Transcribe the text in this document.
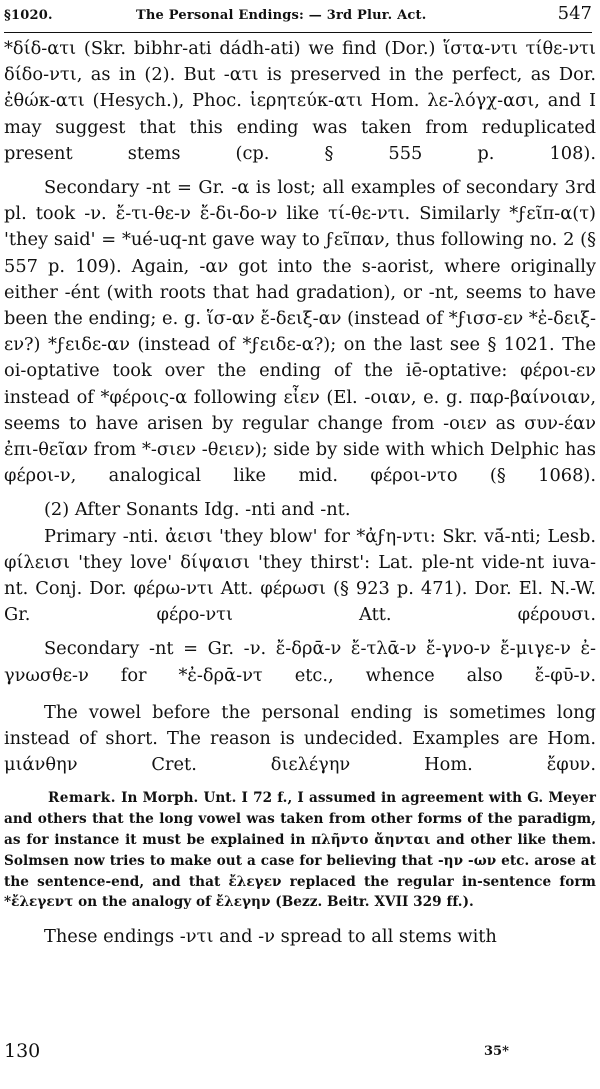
§1020.	The Personal Endings: — 3rd Plur. Act.	547

*δίδ-ατι (Skr. bibhr-ati dádh-ati) we find (Dor.) ἵστα-ντι τίθε-ντι δίδο-ντι, as in (2). But -ατι is preserved in the perfect, as Dor. ἐθώκ-ατι (Hesych.), Phoc. ἱερητεύκ-ατι Hom. λε-λόγχ-ασι, and I may suggest that this ending was taken from reduplicated present stems (cp. § 555 p. 108).

Secondary -nt = Gr. -α is lost; all examples of secondary 3rd pl. took -ν. ἔ-τι-θε-ν ἔ-δι-δο-ν like τί-θε-ντι. Similarly *ϝεῖπ-α(τ) 'they said' = *ué-uq-nt gave way to ϝεῖπαν, thus following no. 2 (§ 557 p. 109). Again, -αν got into the s-aorist, where originally either -ént (with roots that had gradation), or -nt, seems to have been the ending; e. g. ἵσ-αν ἔ-δειξ-αν (instead of *ϝισσ-εν *ἐ-δειξ-εν?) *ϝειδε-αν (instead of *ϝειδε-α?); on the last see § 1021. The oi-optative took over the ending of the iē-optative: φέροι-εν instead of *φέροις-α following εἶεν (El. -οιαν, e. g. παρ-βαίνοιαν, seems to have arisen by regular change from -οιεν as συν-έαν ἐπι-θεῖαν from *-σιεν -θειεν); side by side with which Delphic has φέροι-ν, analogical like mid. φέροι-ντο (§ 1068).

(2) After Sonants Idg. -nti and -nt.

Primary -nti. ἀεισι 'they blow' for *ἀϝη-ντι: Skr. vā́-nti; Lesb. φίλεισι 'they love' δίψαισι 'they thirst': Lat. ple-nt vide-nt iuva-nt. Conj. Dor. φέρω-ντι Att. φέρωσι (§ 923 p. 471). Dor. El. N.-W. Gr. φέρο-ντι Att. φέρουσι.

Secondary -nt = Gr. -ν. ἔ-δρᾱ-ν ἔ-τλᾱ-ν ἔ-γνο-ν ἔ-μιγε-ν ἐ-γνωσθε-ν for *ἐ-δρᾱ-ντ etc., whence also ἔ-φῡ-ν.

The vowel before the personal ending is sometimes long instead of short. The reason is undecided. Examples are Hom. μιάνθην Cret. διελέγην Hom. ἔφυν.

Remark. In Morph. Unt. I 72 f., I assumed in agreement with G. Meyer and others that the long vowel was taken from other forms of the paradigm, as for instance it must be explained in πλῆντο ἄηνται and other like them. Solmsen now tries to make out a case for believing that -ην -ων etc. arose at the sentence-end, and that ἔλεγεν replaced the regular in-sentence form *ἔλεγεντ on the analogy of ἔλεγην (Bezz. Beitr. XVII 329 ff.).

These endings -ντι and -ν spread to all stems with

130	35*
